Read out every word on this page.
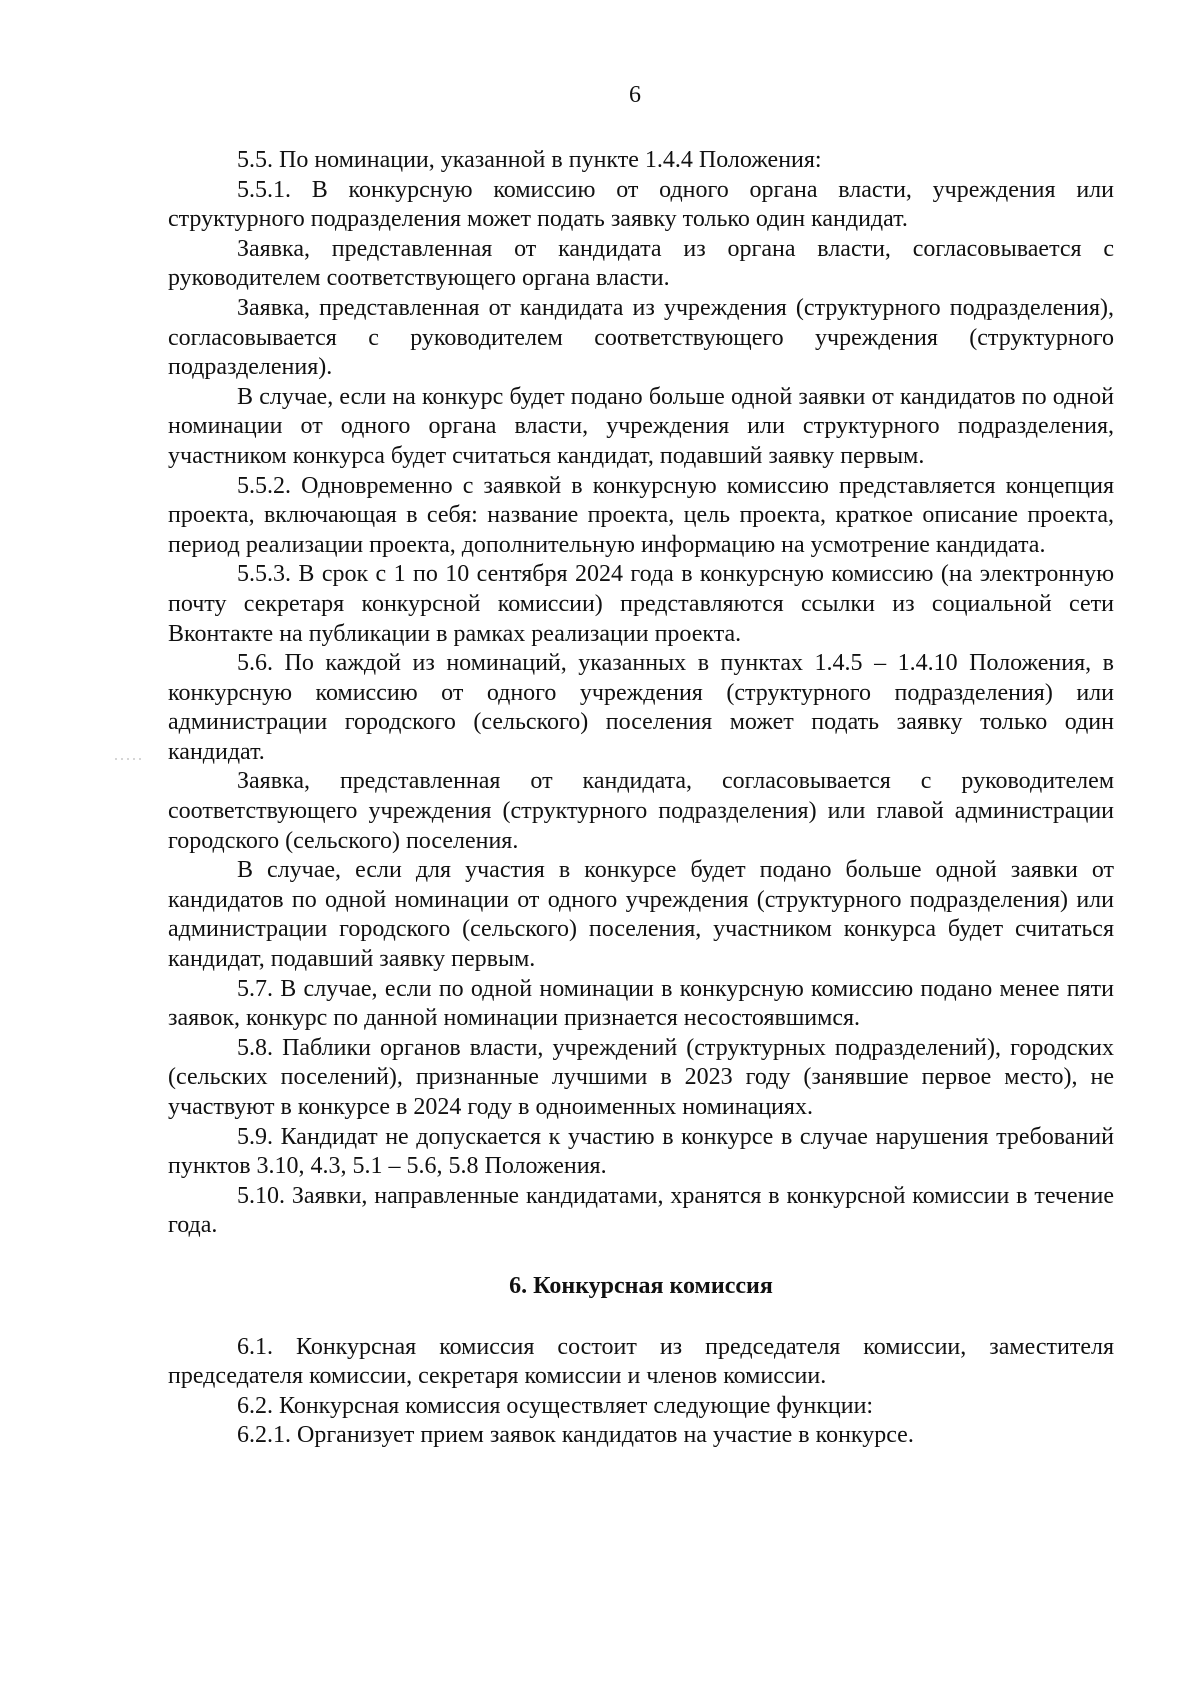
6

5.5. По номинации, указанной в пункте 1.4.4 Положения:

5.5.1. В конкурсную комиссию от одного органа власти, учреждения или структурного подразделения может подать заявку только один кандидат.

Заявка, представленная от кандидата из органа власти, согласовывается с руководителем соответствующего органа власти.

Заявка, представленная от кандидата из учреждения (структурного подразделения), согласовывается с руководителем соответствующего учреждения (структурного подразделения).

В случае, если на конкурс будет подано больше одной заявки от кандидатов по одной номинации от одного органа власти, учреждения или структурного подразделения, участником конкурса будет считаться кандидат, подавший заявку первым.

5.5.2. Одновременно с заявкой в конкурсную комиссию представляется концепция проекта, включающая в себя: название проекта, цель проекта, краткое описание проекта, период реализации проекта, дополнительную информацию на усмотрение кандидата.

5.5.3. В срок с 1 по 10 сентября 2024 года в конкурсную комиссию (на электронную почту секретаря конкурсной комиссии) представляются ссылки из социальной сети Вконтакте на публикации в рамках реализации проекта.

5.6. По каждой из номинаций, указанных в пунктах 1.4.5 – 1.4.10 Положения, в конкурсную комиссию от одного учреждения (структурного подразделения) или администрации городского (сельского) поселения может подать заявку только один кандидат.

Заявка, представленная от кандидата, согласовывается с руководителем соответствующего учреждения (структурного подразделения) или главой администрации городского (сельского) поселения.

В случае, если для участия в конкурсе будет подано больше одной заявки от кандидатов по одной номинации от одного учреждения (структурного подразделения) или администрации городского (сельского) поселения, участником конкурса будет считаться кандидат, подавший заявку первым.

5.7. В случае, если по одной номинации в конкурсную комиссию подано менее пяти заявок, конкурс по данной номинации признается несостоявшимся.

5.8. Паблики органов власти, учреждений (структурных подразделений), городских (сельских поселений), признанные лучшими в 2023 году (занявшие первое место), не участвуют в конкурсе в 2024 году в одноименных номинациях.

5.9. Кандидат не допускается к участию в конкурсе в случае нарушения требований пунктов 3.10, 4.3, 5.1 – 5.6, 5.8 Положения.

5.10. Заявки, направленные кандидатами, хранятся в конкурсной комиссии в течение года.

6. Конкурсная комиссия

6.1. Конкурсная комиссия состоит из председателя комиссии, заместителя председателя комиссии, секретаря комиссии и членов комиссии.

6.2. Конкурсная комиссия осуществляет следующие функции:

6.2.1. Организует прием заявок кандидатов на участие в конкурсе.
